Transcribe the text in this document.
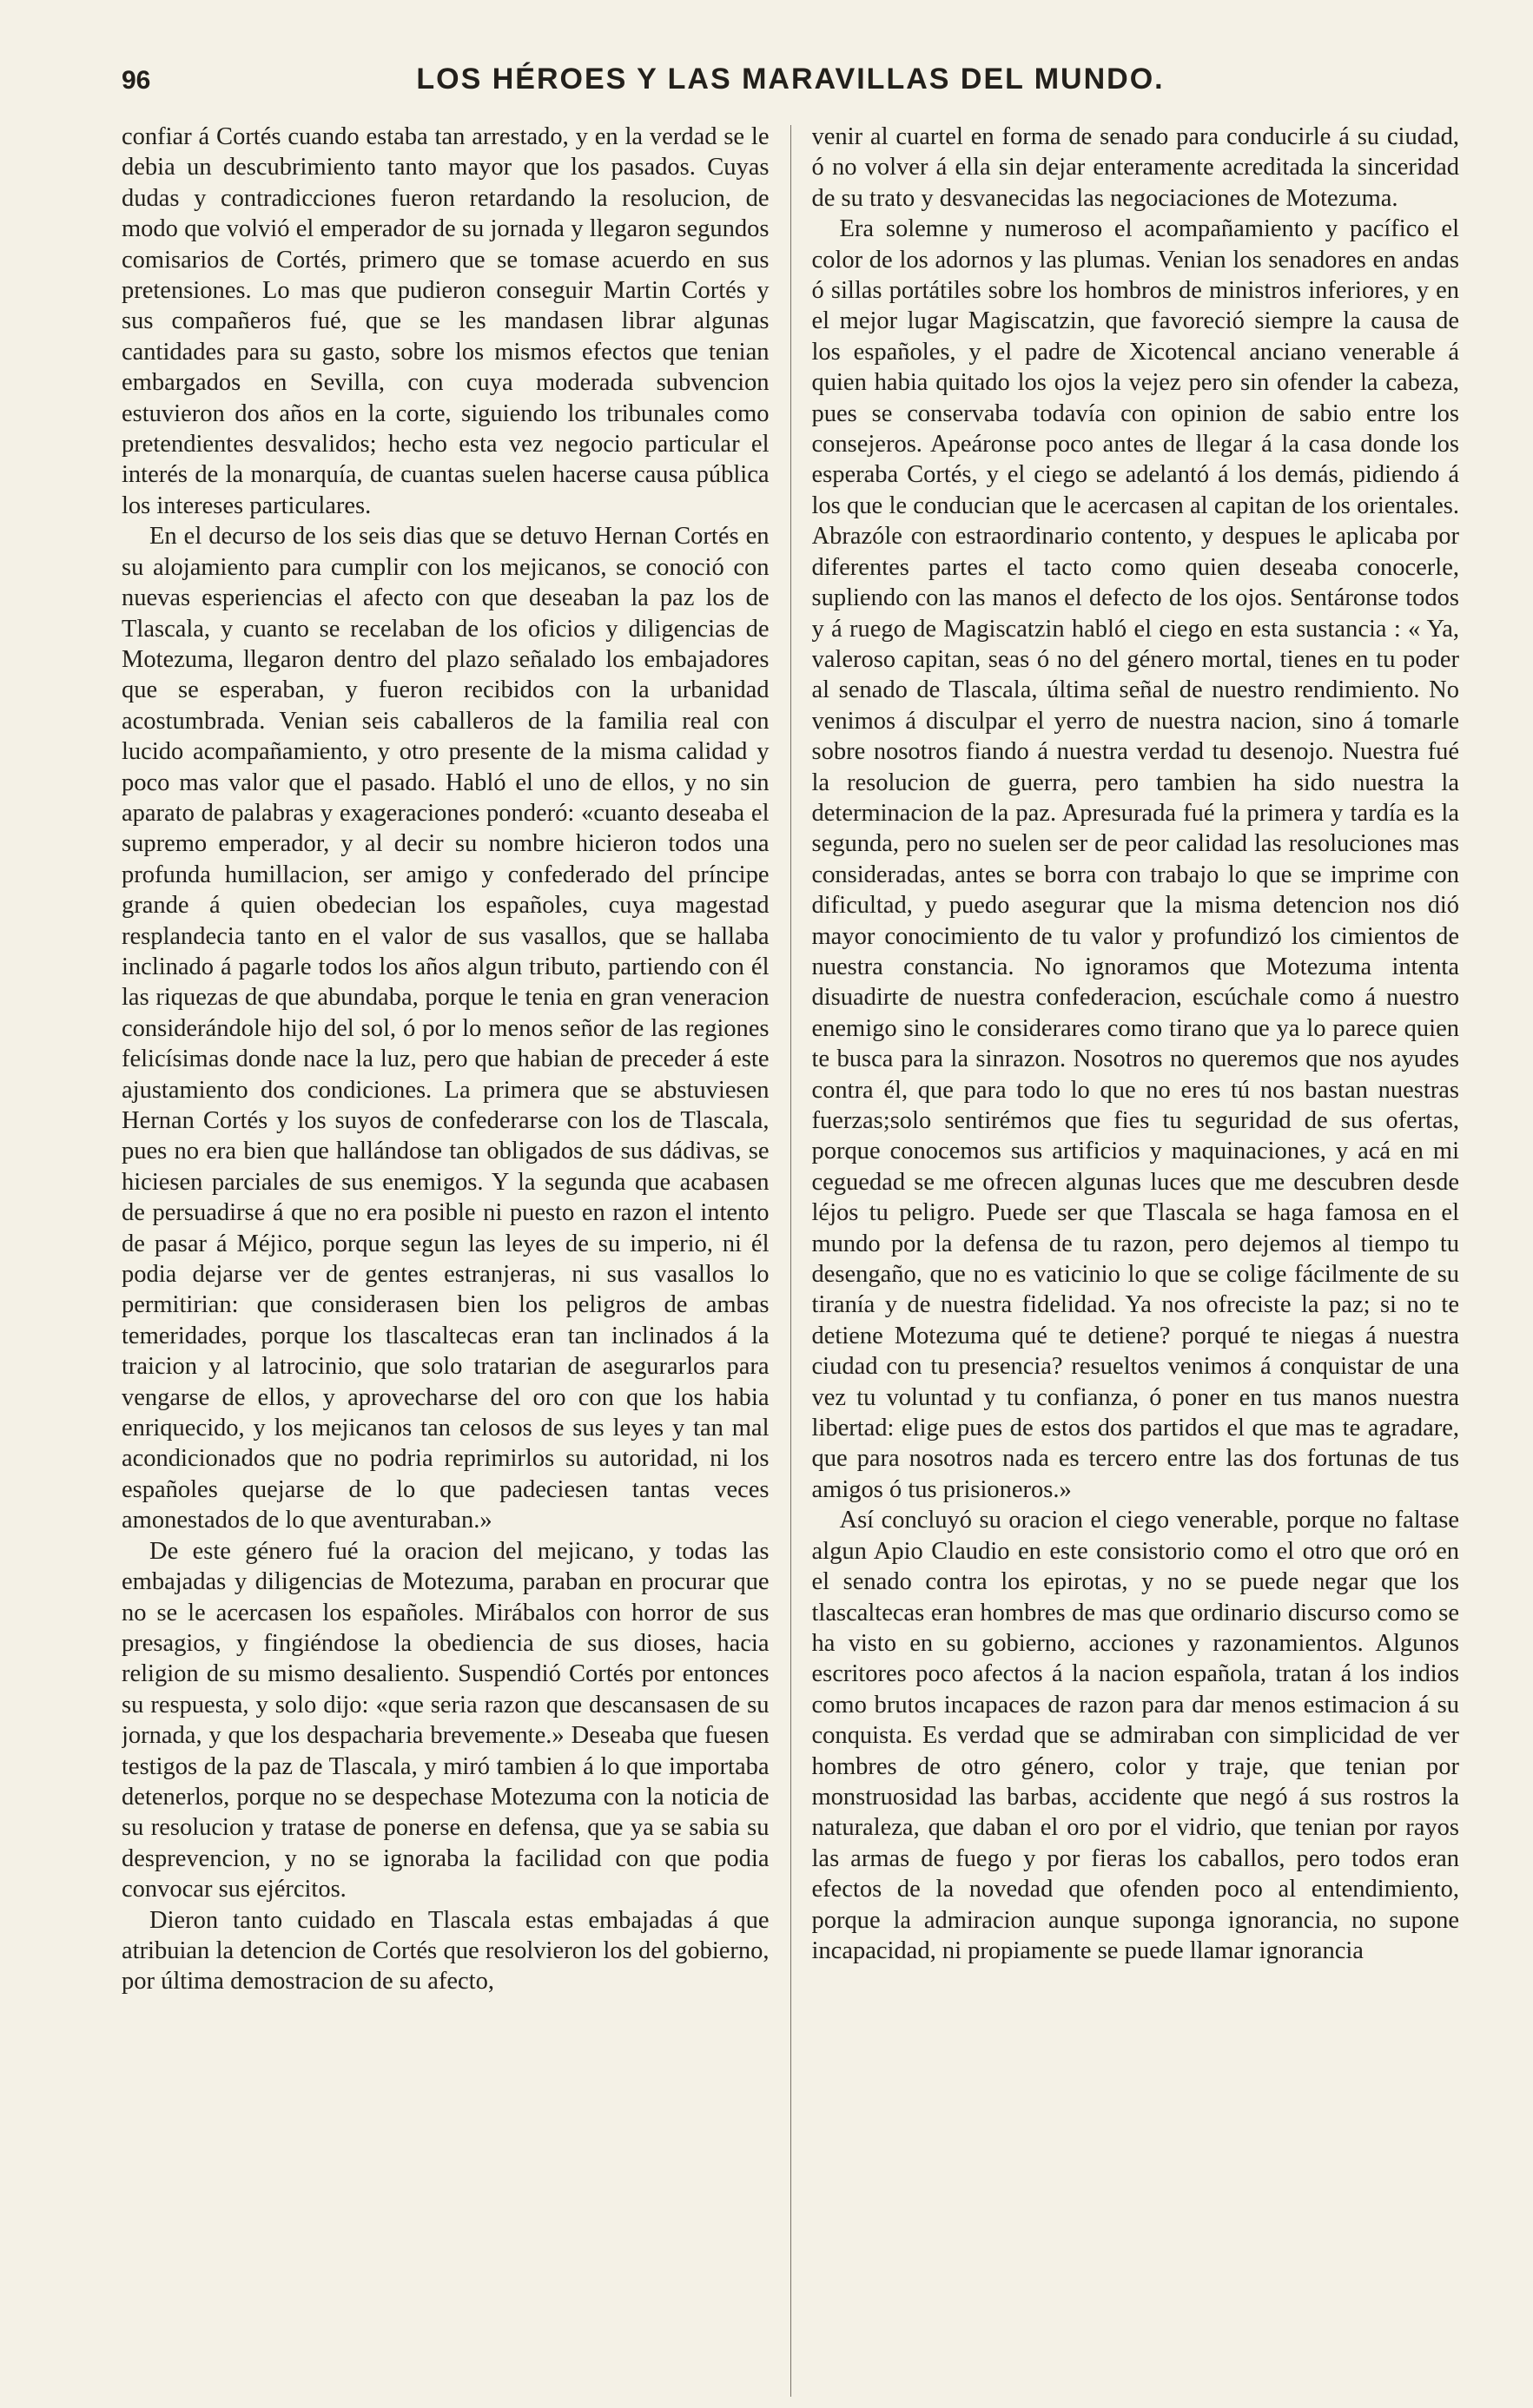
96	LOS HÉROES Y LAS MARAVILLAS DEL MUNDO.

confiar á Cortés cuando estaba tan arrestado, y en la verdad se le debia un descubrimiento tanto mayor que los pasados. Cuyas dudas y contradicciones fueron retardando la resolucion, de modo que volvió el emperador de su jornada y llegaron segundos comisarios de Cortés, primero que se tomase acuerdo en sus pretensiones. Lo mas que pudieron conseguir Martin Cortés y sus compañeros fué, que se les mandasen librar algunas cantidades para su gasto, sobre los mismos efectos que tenian embargados en Sevilla, con cuya moderada subvencion estuvieron dos años en la corte, siguiendo los tribunales como pretendientes desvalidos; hecho esta vez negocio particular el interés de la monarquía, de cuantas suelen hacerse causa pública los intereses particulares.

En el decurso de los seis dias que se detuvo Hernan Cortés en su alojamiento para cumplir con los mejicanos, se conoció con nuevas esperiencias el afecto con que deseaban la paz los de Tlascala, y cuanto se recelaban de los oficios y diligencias de Motezuma, llegaron dentro del plazo señalado los embajadores que se esperaban, y fueron recibidos con la urbanidad acostumbrada. Venian seis caballeros de la familia real con lucido acompañamiento, y otro presente de la misma calidad y poco mas valor que el pasado. Habló el uno de ellos, y no sin aparato de palabras y exageraciones ponderó: «cuanto deseaba el supremo emperador, y al decir su nombre hicieron todos una profunda humillacion, ser amigo y confederado del príncipe grande á quien obedecian los españoles, cuya magestad resplandecia tanto en el valor de sus vasallos, que se hallaba inclinado á pagarle todos los años algun tributo, partiendo con él las riquezas de que abundaba, porque le tenia en gran veneracion considerándole hijo del sol, ó por lo menos señor de las regiones felicísimas donde nace la luz, pero que habian de preceder á este ajustamiento dos condiciones. La primera que se abstuviesen Hernan Cortés y los suyos de confederarse con los de Tlascala, pues no era bien que hallándose tan obligados de sus dádivas, se hiciesen parciales de sus enemigos. Y la segunda que acabasen de persuadirse á que no era posible ni puesto en razon el intento de pasar á Méjico, porque segun las leyes de su imperio, ni él podia dejarse ver de gentes estranjeras, ni sus vasallos lo permitirian: que considerasen bien los peligros de ambas temeridades, porque los tlascaltecas eran tan inclinados á la traicion y al latrocinio, que solo tratarian de asegurarlos para vengarse de ellos, y aprovecharse del oro con que los habia enriquecido, y los mejicanos tan celosos de sus leyes y tan mal acondicionados que no podria reprimirlos su autoridad, ni los españoles quejarse de lo que padeciesen tantas veces amonestados de lo que aventuraban.»

De este género fué la oracion del mejicano, y todas las embajadas y diligencias de Motezuma, paraban en procurar que no se le acercasen los españoles. Mirábalos con horror de sus presagios, y fingiéndose la obediencia de sus dioses, hacia religion de su mismo desaliento. Suspendió Cortés por entonces su respuesta, y solo dijo: «que seria razon que descansasen de su jornada, y que los despacharia brevemente.» Deseaba que fuesen testigos de la paz de Tlascala, y miró tambien á lo que importaba detenerlos, porque no se despechase Motezuma con la noticia de su resolucion y tratase de ponerse en defensa, que ya se sabia su desprevencion, y no se ignoraba la facilidad con que podia convocar sus ejércitos.

Dieron tanto cuidado en Tlascala estas embajadas á que atribuian la detencion de Cortés que resolvieron los del gobierno, por última demostracion de su afecto,

venir al cuartel en forma de senado para conducirle á su ciudad, ó no volver á ella sin dejar enteramente acreditada la sinceridad de su trato y desvanecidas las negociaciones de Motezuma.

Era solemne y numeroso el acompañamiento y pacífico el color de los adornos y las plumas. Venian los senadores en andas ó sillas portátiles sobre los hombros de ministros inferiores, y en el mejor lugar Magiscatzin, que favoreció siempre la causa de los españoles, y el padre de Xicotencal anciano venerable á quien habia quitado los ojos la vejez pero sin ofender la cabeza, pues se conservaba todavía con opinion de sabio entre los consejeros. Apeáronse poco antes de llegar á la casa donde los esperaba Cortés, y el ciego se adelantó á los demás, pidiendo á los que le conducian que le acercasen al capitan de los orientales. Abrazóle con estraordinario contento, y despues le aplicaba por diferentes partes el tacto como quien deseaba conocerle, supliendo con las manos el defecto de los ojos. Sentáronse todos y á ruego de Magiscatzin habló el ciego en esta sustancia : « Ya, valeroso capitan, seas ó no del género mortal, tienes en tu poder al senado de Tlascala, última señal de nuestro rendimiento. No venimos á disculpar el yerro de nuestra nacion, sino á tomarle sobre nosotros fiando á nuestra verdad tu desenojo. Nuestra fué la resolucion de guerra, pero tambien ha sido nuestra la determinacion de la paz. Apresurada fué la primera y tardía es la segunda, pero no suelen ser de peor calidad las resoluciones mas consideradas, antes se borra con trabajo lo que se imprime con dificultad, y puedo asegurar que la misma detencion nos dió mayor conocimiento de tu valor y profundizó los cimientos de nuestra constancia. No ignoramos que Motezuma intenta disuadirte de nuestra confederacion, escúchale como á nuestro enemigo sino le considerares como tirano que ya lo parece quien te busca para la sinrazon. Nosotros no queremos que nos ayudes contra él, que para todo lo que no eres tú nos bastan nuestras fuerzas;solo sentirémos que fies tu seguridad de sus ofertas, porque conocemos sus artificios y maquinaciones, y acá en mi ceguedad se me ofrecen algunas luces que me descubren desde léjos tu peligro. Puede ser que Tlascala se haga famosa en el mundo por la defensa de tu razon, pero dejemos al tiempo tu desengaño, que no es vaticinio lo que se colige fácilmente de su tiranía y de nuestra fidelidad. Ya nos ofreciste la paz; si no te detiene Motezuma qué te detiene? porqué te niegas á nuestra ciudad con tu presencia? resueltos venimos á conquistar de una vez tu voluntad y tu confianza, ó poner en tus manos nuestra libertad: elige pues de estos dos partidos el que mas te agradare, que para nosotros nada es tercero entre las dos fortunas de tus amigos ó tus prisioneros.»

Así concluyó su oracion el ciego venerable, porque no faltase algun Apio Claudio en este consistorio como el otro que oró en el senado contra los epirotas, y no se puede negar que los tlascaltecas eran hombres de mas que ordinario discurso como se ha visto en su gobierno, acciones y razonamientos. Algunos escritores poco afectos á la nacion española, tratan á los indios como brutos incapaces de razon para dar menos estimacion á su conquista. Es verdad que se admiraban con simplicidad de ver hombres de otro género, color y traje, que tenian por monstruosidad las barbas, accidente que negó á sus rostros la naturaleza, que daban el oro por el vidrio, que tenian por rayos las armas de fuego y por fieras los caballos, pero todos eran efectos de la novedad que ofenden poco al entendimiento, porque la admiracion aunque suponga ignorancia, no supone incapacidad, ni propiamente se puede llamar ignorancia
